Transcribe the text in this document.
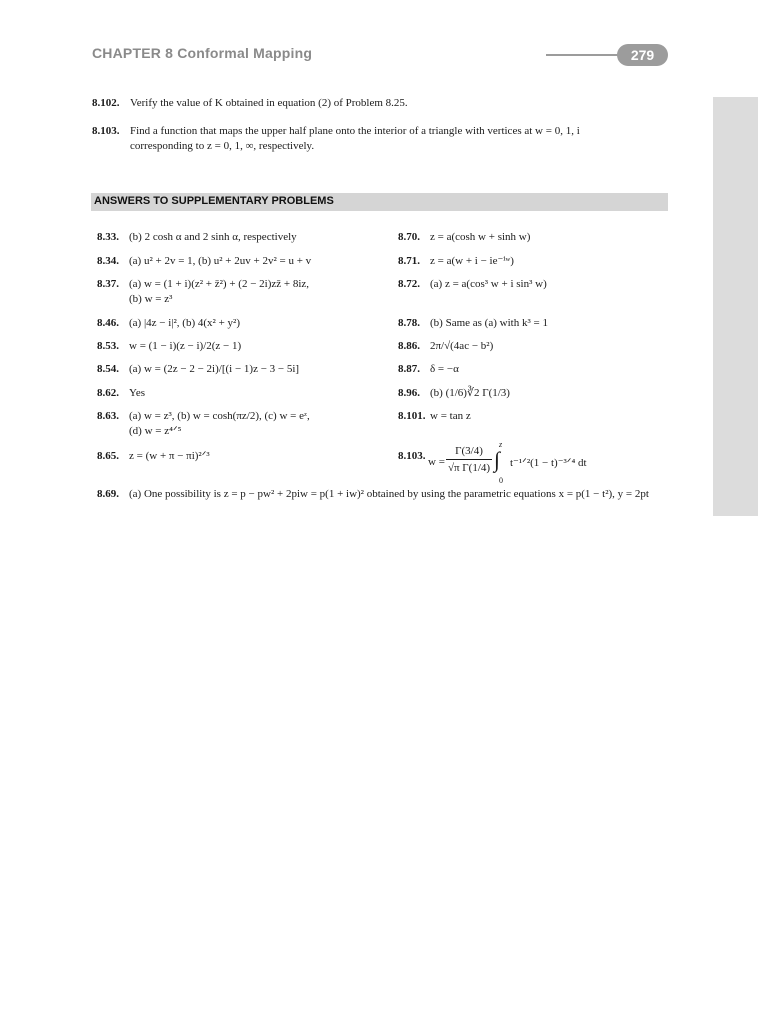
CHAPTER 8 Conformal Mapping	279
8.102. Verify the value of K obtained in equation (2) of Problem 8.25.
8.103. Find a function that maps the upper half plane onto the interior of a triangle with vertices at w = 0, 1, i
corresponding to z = 0, 1, ∞, respectively.
ANSWERS TO SUPPLEMENTARY PROBLEMS
8.33. (b) 2 cosh α and 2 sinh α, respectively
8.34. (a) u² + 2v = 1, (b) u² + 2uv + 2v² = u + v
8.37. (a) w = (1 + i)(z² + z̄²) + (2 − 2i)zz̄ + 8iz,
(b) w = z³
8.46. (a) |4z − i|², (b) 4(x² + y²)
8.53. w = (1 − i)(z − i)/2(z − 1)
8.54. (a) w = (2z − 2 − 2i)/[(i − 1)z − 3 − 5i]
8.62. Yes
8.63. (a) w = z³, (b) w = cosh(πz/2), (c) w = eᶻ,
(d) w = z⁴ᐟ⁵
8.65. z = (w + π − πi)²ᐟ³
8.70. z = a(cosh w + sinh w)
8.71. z = a(w + i − ie⁻ⁱʷ)
8.72. (a) z = a(cos³ w + i sin³ w)
8.78. (b) Same as (a) with k³ = 1
8.86. 2π/√(4ac − b²)
8.87. δ = −α
8.96. (b) (1/6)∛2 Γ(1/3)
8.101. w = tan z
8.103. w =
Γ(3/4)
√π Γ(1/4) ∫
z
0
t⁻¹ᐟ²(1 − t)⁻³ᐟ⁴ dt
8.69. (a) One possibility is z = p − pw² + 2piw = p(1 + iw)² obtained by using the parametric equations x = p(1 − t²), y = 2pt
